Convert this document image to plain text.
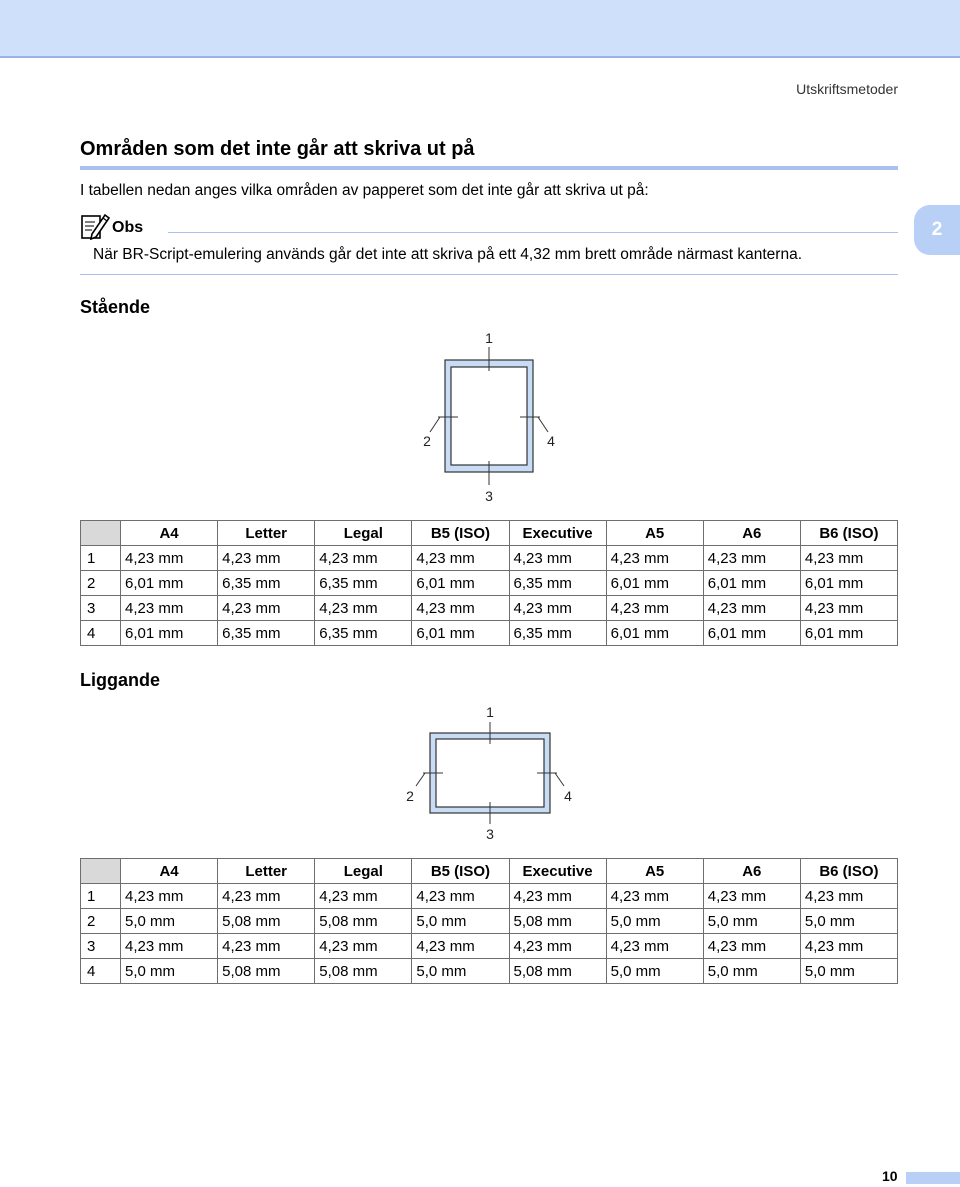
Utskriftsmetoder
Områden som det inte går att skriva ut på

I tabellen nedan anges vilka områden av papperet som det inte går att skriva ut på:

Obs

När BR-Script-emulering används går det inte att skriva på ett 4,32 mm brett område närmast kanterna.

2
Stående
1
2	4
3
	A4	Letter	Legal	B5 (ISO)	Executive	A5	A6	B6 (ISO)
1	4,23 mm	4,23 mm	4,23 mm	4,23 mm	4,23 mm	4,23 mm	4,23 mm	4,23 mm
2	6,01 mm	6,35 mm	6,35 mm	6,01 mm	6,35 mm	6,01 mm	6,01 mm	6,01 mm
3	4,23 mm	4,23 mm	4,23 mm	4,23 mm	4,23 mm	4,23 mm	4,23 mm	4,23 mm
4	6,01 mm	6,35 mm	6,35 mm	6,01 mm	6,35 mm	6,01 mm	6,01 mm	6,01 mm
Liggande
1
2	4
3
	A4	Letter	Legal	B5 (ISO)	Executive	A5	A6	B6 (ISO)
1	4,23 mm	4,23 mm	4,23 mm	4,23 mm	4,23 mm	4,23 mm	4,23 mm	4,23 mm
2	5,0 mm	5,08 mm	5,08 mm	5,0 mm	5,08 mm	5,0 mm	5,0 mm	5,0 mm
3	4,23 mm	4,23 mm	4,23 mm	4,23 mm	4,23 mm	4,23 mm	4,23 mm	4,23 mm
4	5,0 mm	5,08 mm	5,08 mm	5,0 mm	5,08 mm	5,0 mm	5,0 mm	5,0 mm
10
